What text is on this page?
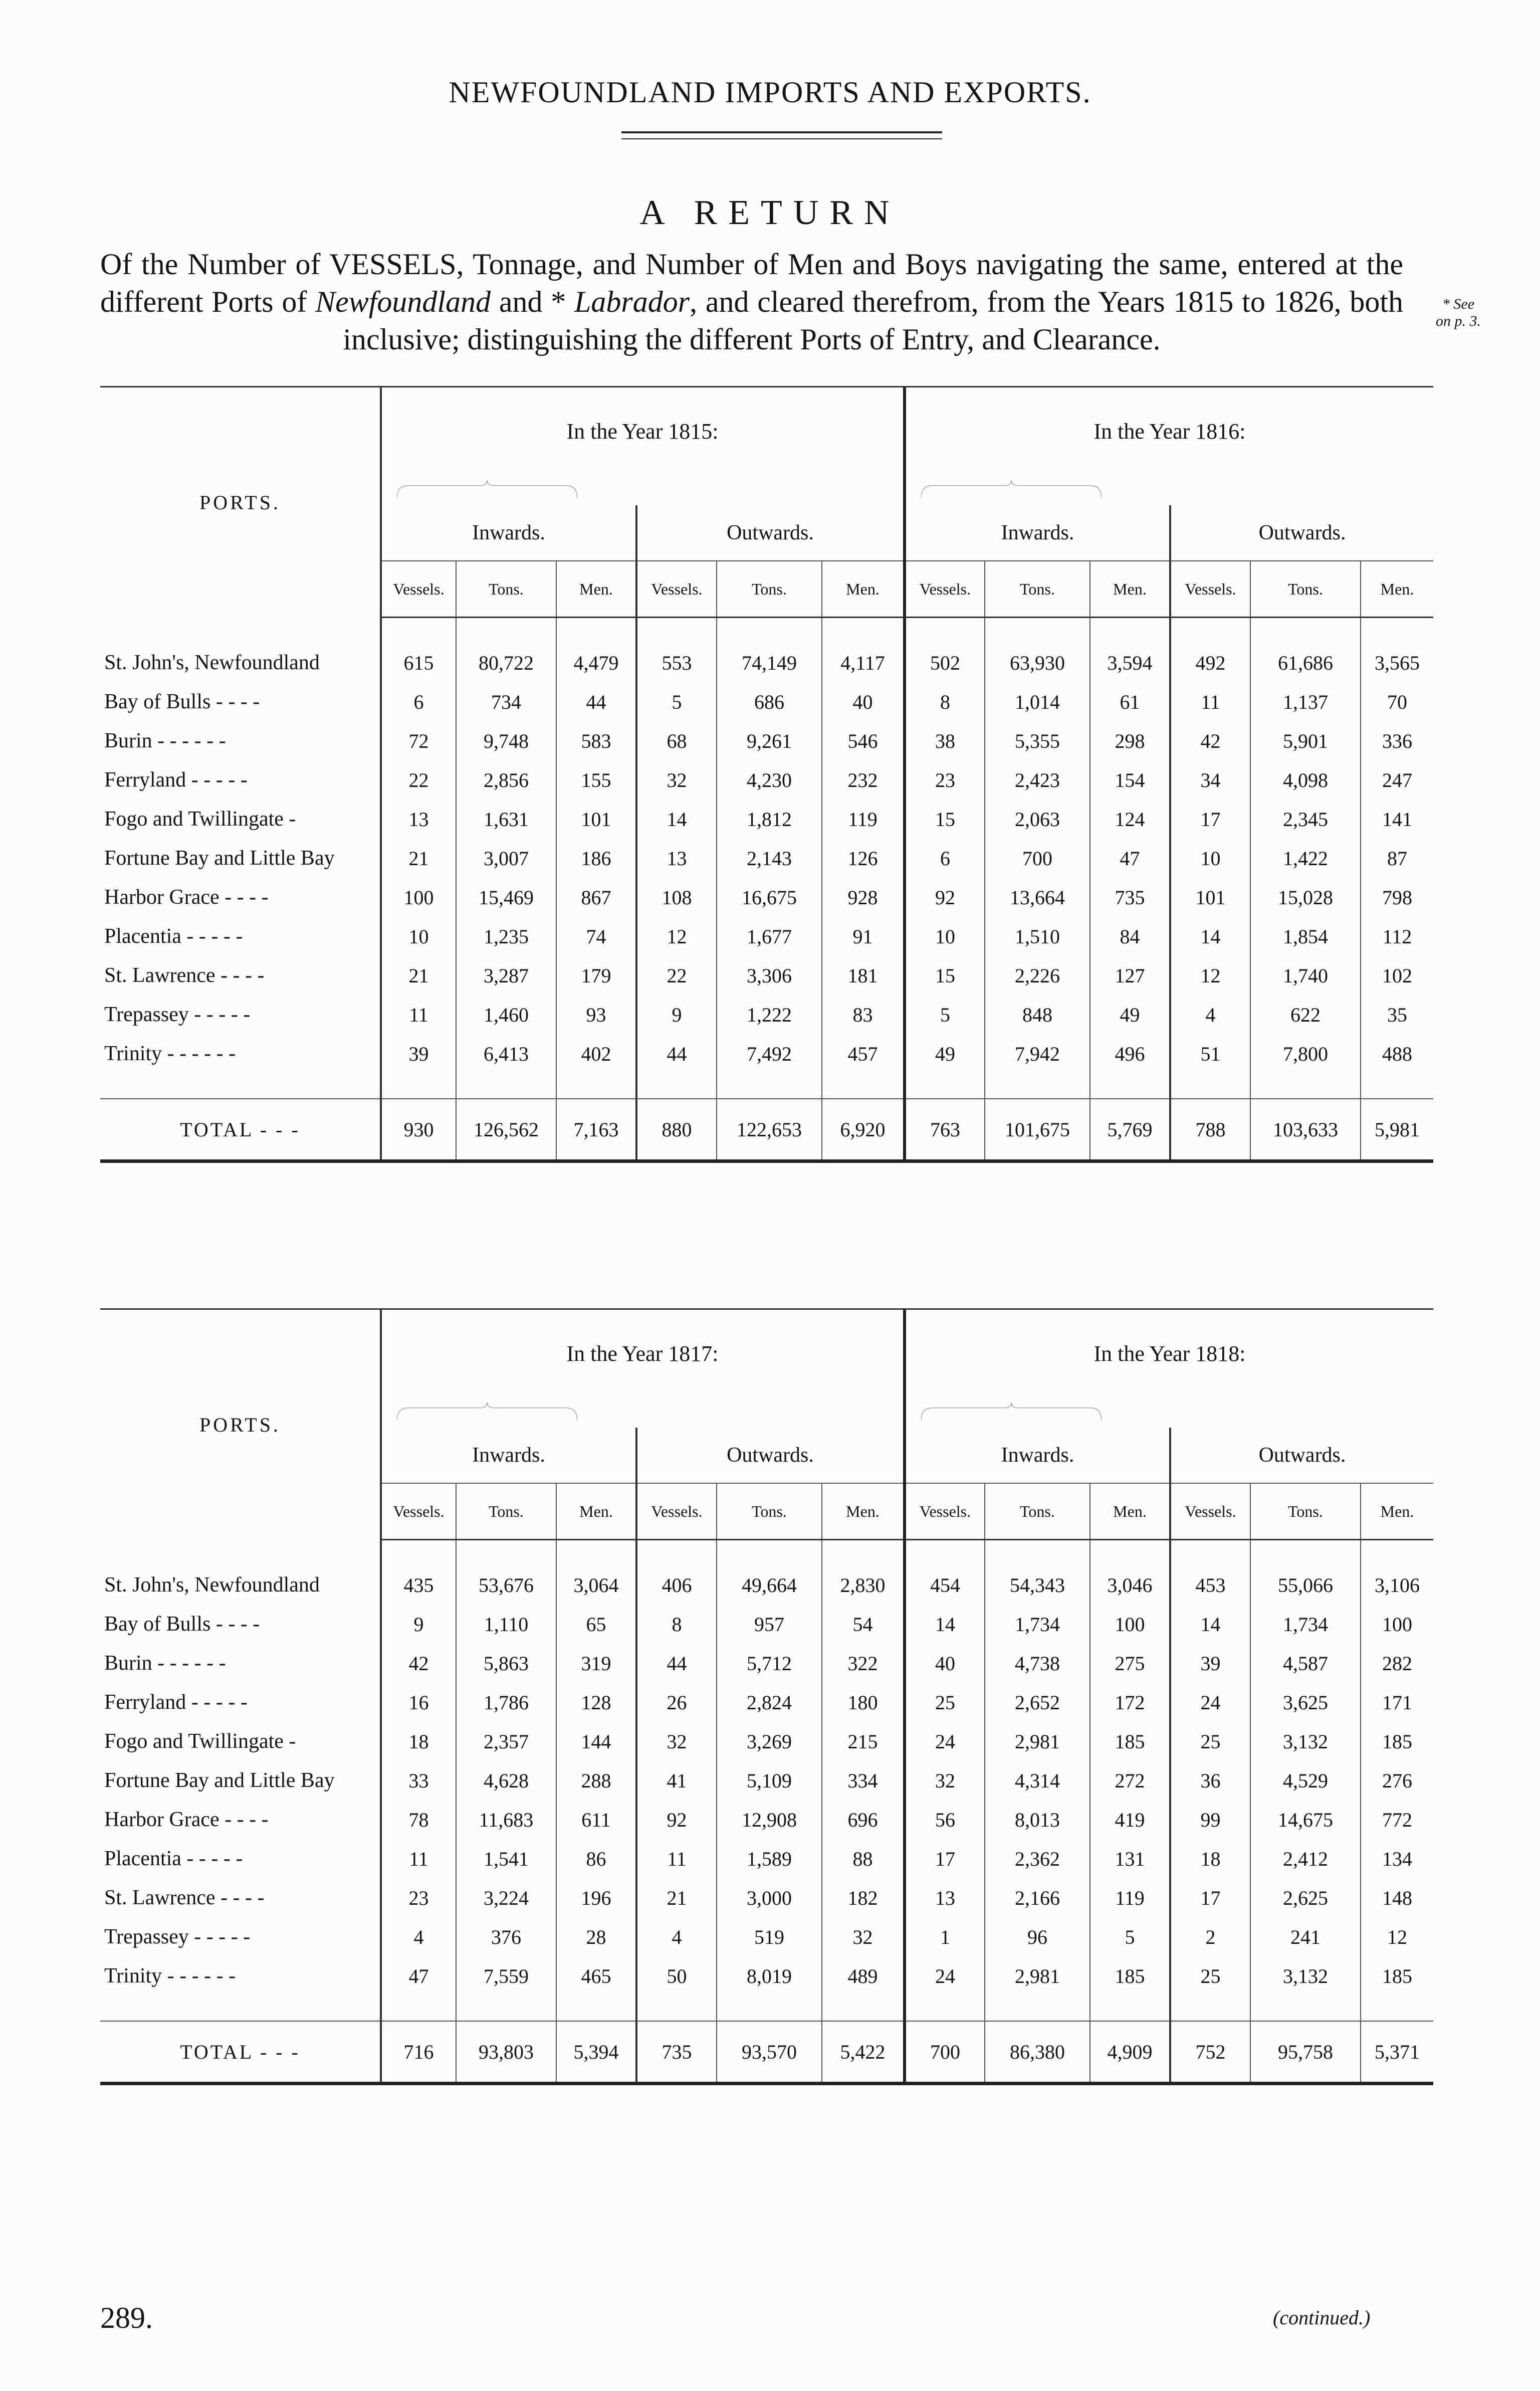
NEWFOUNDLAND IMPORTS AND EXPORTS.
A RETURN
Of the Number of VESSELS, Tonnage, and Number of Men and Boys navigating the same, entered at the different Ports of Newfoundland and * Labrador, and cleared therefrom, from the Years 1815 to 1826, both inclusive; distinguishing the different Ports of Entry, and Clearance.
* See on p. 3.

PORTS.	In the Year 1815:						In the Year 1816:					

	Inwards.			Outwards.			Inwards.			Outwards.		
	Vessels.	Tons.	Men.	Vessels.	Tons.	Men.	Vessels.	Tons.	Men.	Vessels.	Tons.	Men.

St. John's, Newfoundland	615	80,722	4,479	553	74,149	4,117	502	63,930	3,594	492	61,686	3,565
Bay of Bulls - - - -	6	734	44	5	686	40	8	1,014	61	11	1,137	70
Burin - - - - - -	72	9,748	583	68	9,261	546	38	5,355	298	42	5,901	336
Ferryland - - - - -	22	2,856	155	32	4,230	232	23	2,423	154	34	4,098	247
Fogo and Twillingate -	13	1,631	101	14	1,812	119	15	2,063	124	17	2,345	141
Fortune Bay and Little Bay	21	3,007	186	13	2,143	126	6	700	47	10	1,422	87
Harbor Grace - - - -	100	15,469	867	108	16,675	928	92	13,664	735	101	15,028	798
Placentia - - - - -	10	1,235	74	12	1,677	91	10	1,510	84	14	1,854	112
St. Lawrence - - - -	21	3,287	179	22	3,306	181	15	2,226	127	12	1,740	102
Trepassey - - - - -	11	1,460	93	9	1,222	83	5	848	49	4	622	35
Trinity - - - - - -	39	6,413	402	44	7,492	457	49	7,942	496	51	7,800	488

TOTAL - - -	930	126,562	7,163	880	122,653	6,920	763	101,675	5,769	788	103,633	5,981

PORTS.	In the Year 1817:						In the Year 1818:					

	Inwards.			Outwards.			Inwards.			Outwards.		
	Vessels.	Tons.	Men.	Vessels.	Tons.	Men.	Vessels.	Tons.	Men.	Vessels.	Tons.	Men.

St. John's, Newfoundland	435	53,676	3,064	406	49,664	2,830	454	54,343	3,046	453	55,066	3,106
Bay of Bulls - - - -	9	1,110	65	8	957	54	14	1,734	100	14	1,734	100
Burin - - - - - -	42	5,863	319	44	5,712	322	40	4,738	275	39	4,587	282
Ferryland - - - - -	16	1,786	128	26	2,824	180	25	2,652	172	24	3,625	171
Fogo and Twillingate -	18	2,357	144	32	3,269	215	24	2,981	185	25	3,132	185
Fortune Bay and Little Bay	33	4,628	288	41	5,109	334	32	4,314	272	36	4,529	276
Harbor Grace - - - -	78	11,683	611	92	12,908	696	56	8,013	419	99	14,675	772
Placentia - - - - -	11	1,541	86	11	1,589	88	17	2,362	131	18	2,412	134
St. Lawrence - - - -	23	3,224	196	21	3,000	182	13	2,166	119	17	2,625	148
Trepassey - - - - -	4	376	28	4	519	32	1	96	5	2	241	12
Trinity - - - - - -	47	7,559	465	50	8,019	489	24	2,981	185	25	3,132	185

TOTAL - - -	716	93,803	5,394	735	93,570	5,422	700	86,380	4,909	752	95,758	5,371
289.	(continued.)
